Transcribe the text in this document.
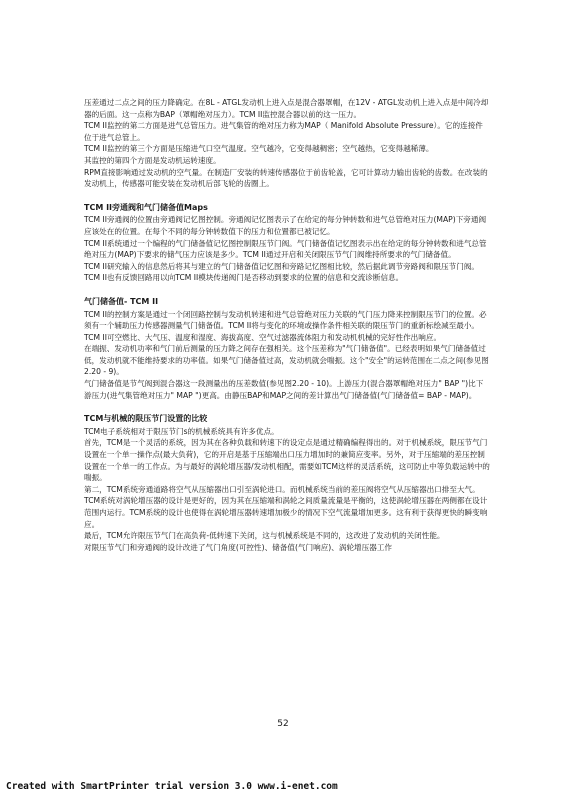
压差通过二点之间的压力降确定。在8L - ATGL发动机上进入点是混合器罩帽，在12V - ATGL发动机上进入点是中间冷却器的后面。这一点称为BAP（罩帽绝对压力）。TCM II监控混合器以前的这一压力。

TCM II监控的第二方面是进气总管压力。进气集管的绝对压力称为MAP（ Manifold Absolute Pressure）。它的连接件位于进气总管上。

TCM II监控的第三个方面是压缩进气口空气温度。空气越冷，它变得越稠密；空气越热，它变得越稀薄。

其监控的第四个方面是发动机运转速度。

RPM直接影响通过发动机的空气量。在制造厂安装的转速传感器位于前齿轮盖，它可计算动力输出齿轮的齿数。在改装的发动机上，传感器可能安装在发动机后部飞轮的齿圈上。

TCM II旁通阀和气门储备值Maps

TCM II旁通阀的位置由旁通阀记忆图控制。旁通阀记忆图表示了在给定的每分钟转数和进气总管绝对压力(MAP)下旁通阀应该处在的位置。在每个不同的每分钟转数值下的压力和位置都已被记忆。

TCM II系统通过一个编程的气门储备值记忆图控制限压节门阀。气门储备值记忆图表示出在给定的每分钟转数和进气总管绝对压力(MAP)下要求的储气压力应该是多少。TCM II通过开启和关闭限压节气门阀维持所要求的气门储备值。

TCM II研究输入的信息然后将其与建立的气门储备值记忆图和旁路记忆图相比较，然后据此调节旁路阀和限压节门阀。TCM II也有反馈回路用以向TCM II模块传递阀门是否移动到要求的位置的信息和交流诊断信息。

气门储备值- TCM II

TCM II的控制方案是通过一个闭回路控制与发动机转速和进气总管绝对压力关联的气门压力降来控制限压节门的位置。必须有一个辅助压力传感器测量气门储备值。TCM II将与变化的环境或操作条件相关联的限压节门的重新标绘减至最小。TCM II可空燃比、大气压、温度和湿度、海拔高度、空气过滤器流体阻力和发动机机械的完好性作出响应。

在端振、发动机功率和气门前后测量的压力降之间存在强相关。这个压差称为"气门储备值"。已经表明如果气门储备值过低，发动机就不能维持要求的功率值。如果气门储备值过高，发动机就会喘振。这个"安全"的运转范围在二点之间(参见图2.20 - 9)。

气门储备值是节气阀到混合器这一段测量出的压差数值(参见图2.20 - 10)。上游压力(混合器罩帽绝对压力" BAP ")比下游压力(进气集管绝对压力" MAP ")更高。由静压BAP和MAP之间的差计算出气门储备值(气门储备值= BAP - MAP)。

TCM与机械的限压节门设置的比较

TCM电子系统相对于限压节门s的机械系统具有许多优点。

首先，TCM是一个灵活的系统，因为其在各种负载和转速下的设定点是通过精确编程得出的。对于机械系统，限压节气门设置在一个单一操作点(最大负荷)，它的开启是基于压缩端出口压力增加时的兼简应变率。另外，对于压缩端的差压控制设置在一个单一的工作点。为与最好的涡轮增压器/发动机相配，需要如TCM这样的灵活系统，这可防止中等负载运转中的喘振。

第二，TCM系统旁通道路将空气从压缩器出口引至涡轮进口。而机械系统当前的差压阀将空气从压缩器出口排至大气。TCM系统对涡轮增压器的设计是更好的，因为其在压缩端和涡轮之间质量流量是平衡的，这使涡轮增压器在两侧都在设计范围内运行。TCM系统的设计也使得在涡轮增压器转速增加极少的情况下空气流量增加更多。这有利于获得更快的瞬变响应。

最后，TCM允许限压节气门在高负荷-低转速下关闭，这与机械系统是不同的，这改进了发动机的关闭性能。

对限压节气门和旁通阀的设计改进了气门角度(可控性)、储备值(气门响应)、涡轮增压器工作

52
Created with SmartPrinter trial version 3.0 www.i-enet.com
